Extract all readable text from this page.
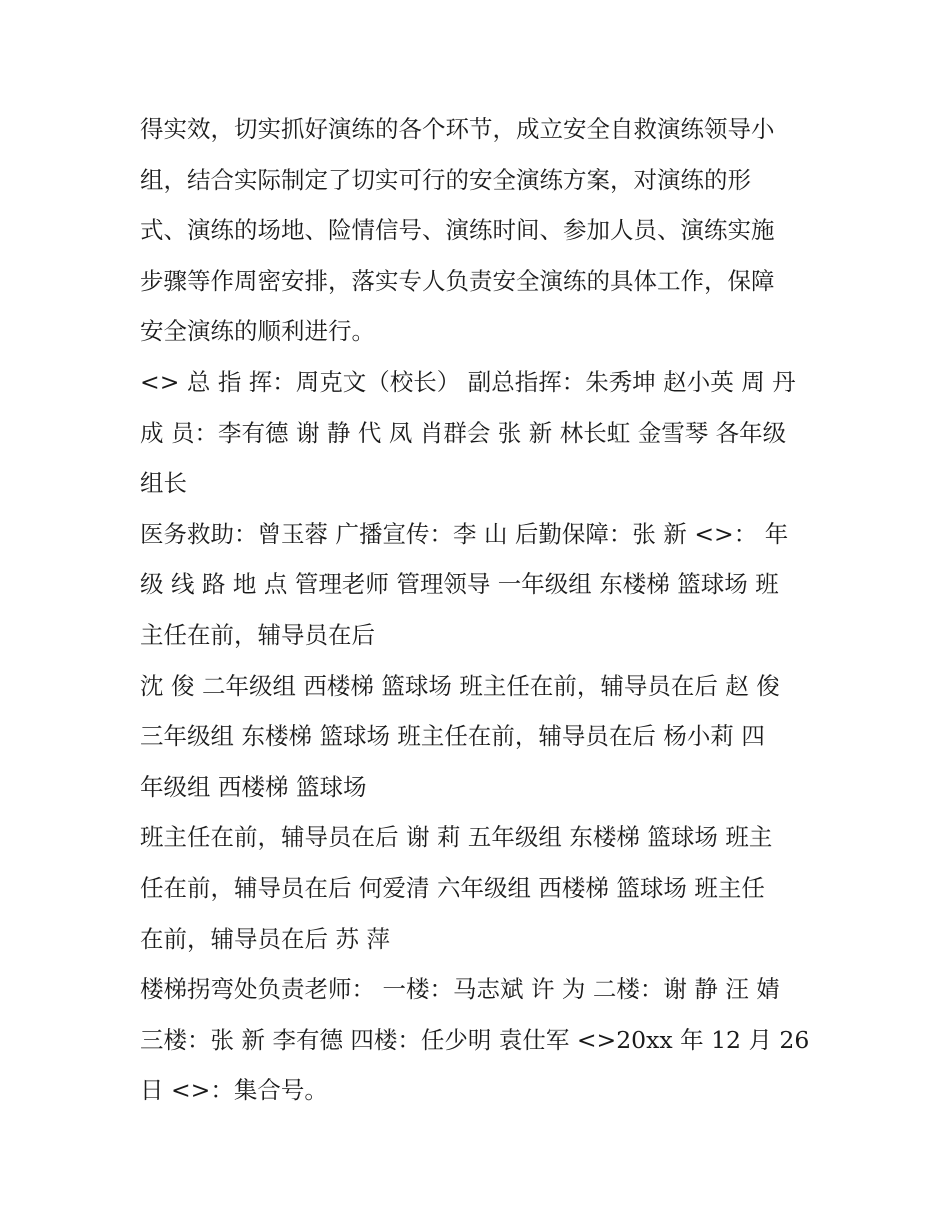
得实效，切实抓好演练的各个环节，成立安全自救演练领导小
组，结合实际制定了切实可行的安全演练方案，对演练的形
式、演练的场地、险情信号、演练时间、参加人员、演练实施
步骤等作周密安排，落实专人负责安全演练的具体工作，保障
安全演练的顺利进行。
<> 总 指 挥：周克文（校长） 副总指挥：朱秀坤 赵小英 周 丹
成 员：李有德 谢 静 代 凤 肖群会 张 新 林长虹 金雪琴 各年级
组长
医务救助：曾玉蓉 广播宣传：李 山 后勤保障：张 新 <>： 年
级 线 路 地 点 管理老师 管理领导 一年级组 东楼梯 篮球场 班
主任在前，辅导员在后
沈 俊 二年级组 西楼梯 篮球场 班主任在前，辅导员在后 赵 俊
三年级组 东楼梯 篮球场 班主任在前，辅导员在后 杨小莉 四
年级组 西楼梯 篮球场
班主任在前，辅导员在后 谢 莉 五年级组 东楼梯 篮球场 班主
任在前，辅导员在后 何爱清 六年级组 西楼梯 篮球场 班主任
在前，辅导员在后 苏 萍
楼梯拐弯处负责老师： 一楼：马志斌 许 为 二楼：谢 静 汪 婧
三楼：张 新 李有德 四楼：任少明 袁仕军 <>20xx 年 12 月 26
日 <>：集合号。
